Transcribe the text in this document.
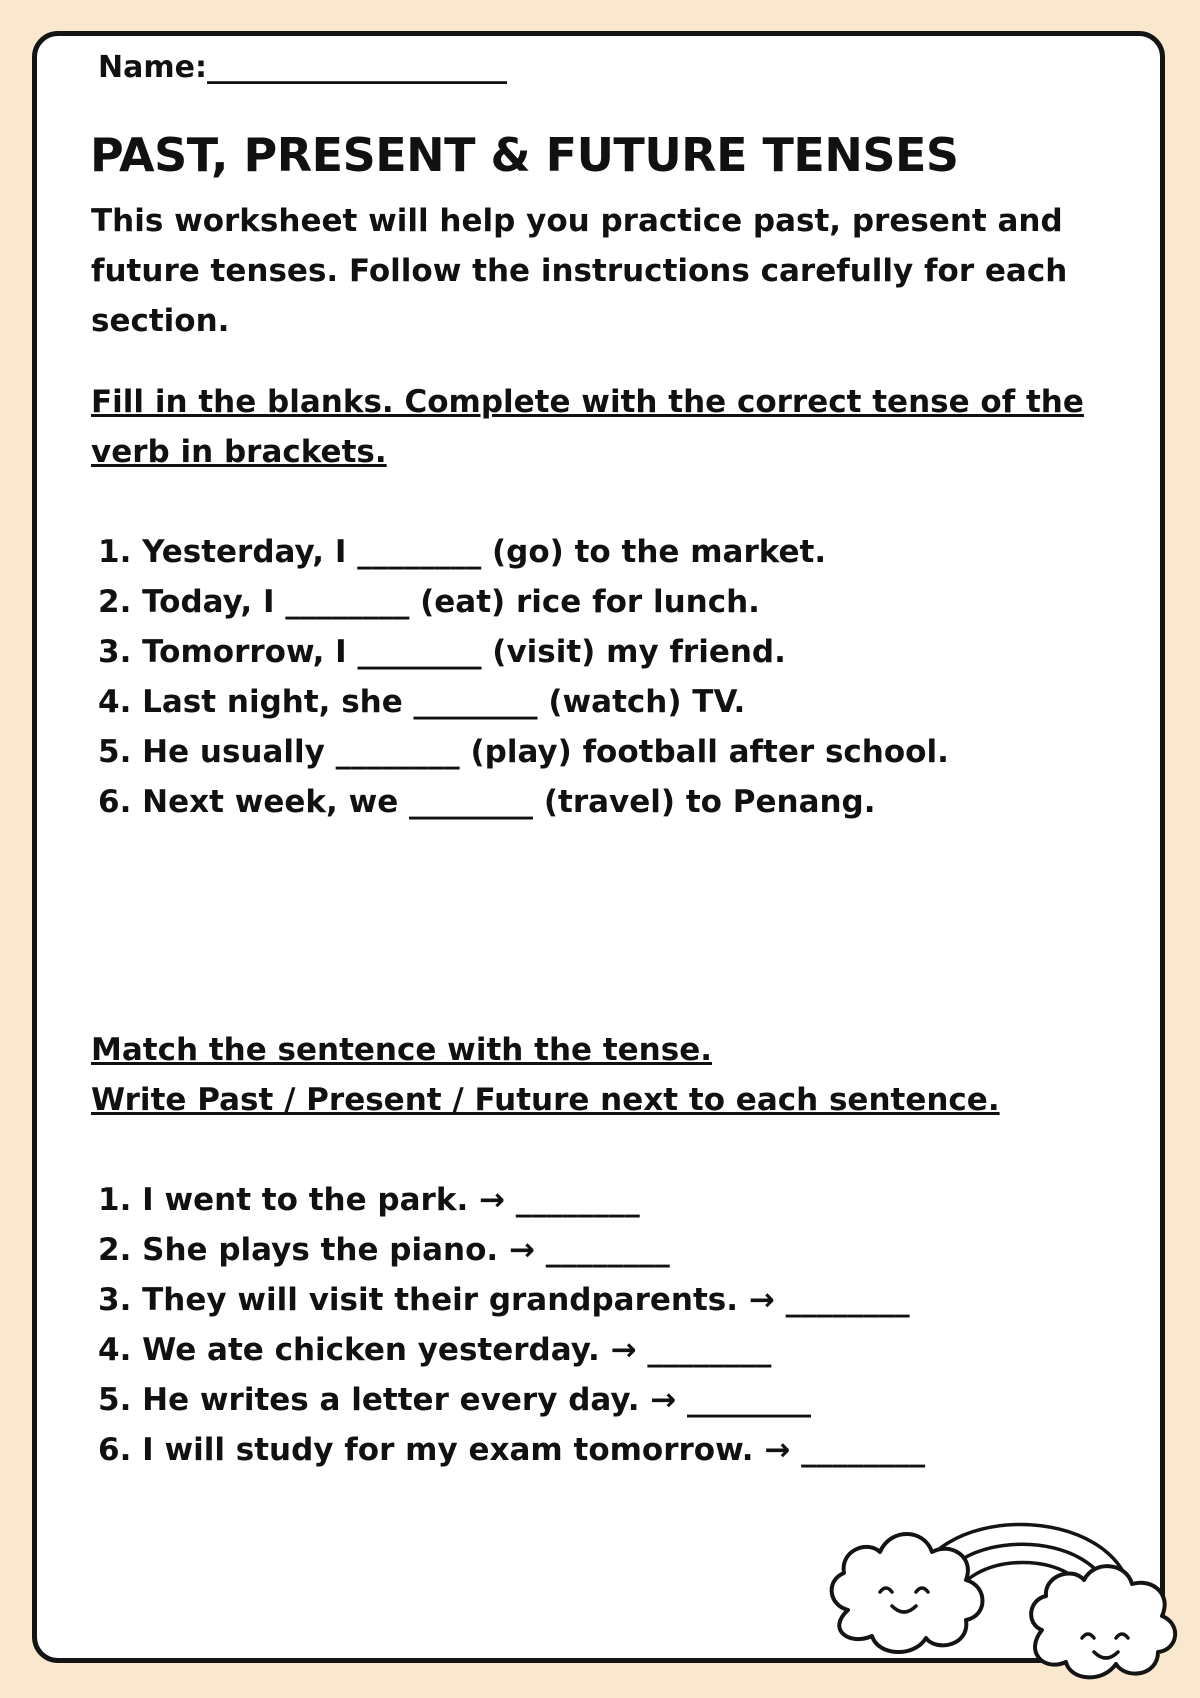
Name:____________________
PAST, PRESENT & FUTURE TENSES
This worksheet will help you practice past, present and future tenses. Follow the instructions carefully for each section.
Fill in the blanks. Complete with the correct tense of the
verb in brackets.
1. Yesterday, I ________ (go) to the market.
2. Today, I ________ (eat) rice for lunch.
3. Tomorrow, I ________ (visit) my friend.
4. Last night, she ________ (watch) TV.
5. He usually ________ (play) football after school.
6. Next week, we ________ (travel) to Penang.
Match the sentence with the tense.
Write Past / Present / Future next to each sentence.
1. I went to the park. → ________
2. She plays the piano. → ________
3. They will visit their grandparents. → ________
4. We ate chicken yesterday. → ________
5. He writes a letter every day. → ________
6. I will study for my exam tomorrow. → ________
